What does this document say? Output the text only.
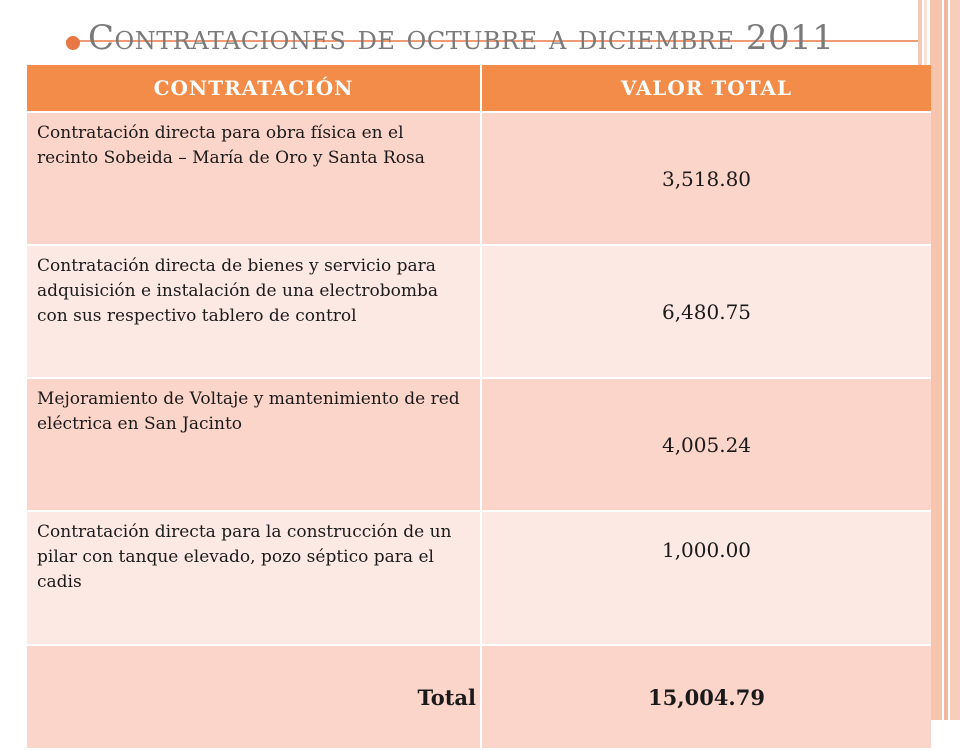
Contrataciones de octubre a diciembre 2011
CONTRATACIÓN	VALOR TOTAL
Contratación directa para obra física en el recinto Sobeida – María de Oro y Santa Rosa	3,518.80
Contratación directa de bienes y servicio para adquisición e instalación de una electrobomba con sus respectivo tablero de control	6,480.75
Mejoramiento de Voltaje y mantenimiento de red eléctrica en San Jacinto	4,005.24
Contratación directa para la construcción de un pilar con tanque elevado, pozo séptico para el cadis	1,000.00
Total	15,004.79
